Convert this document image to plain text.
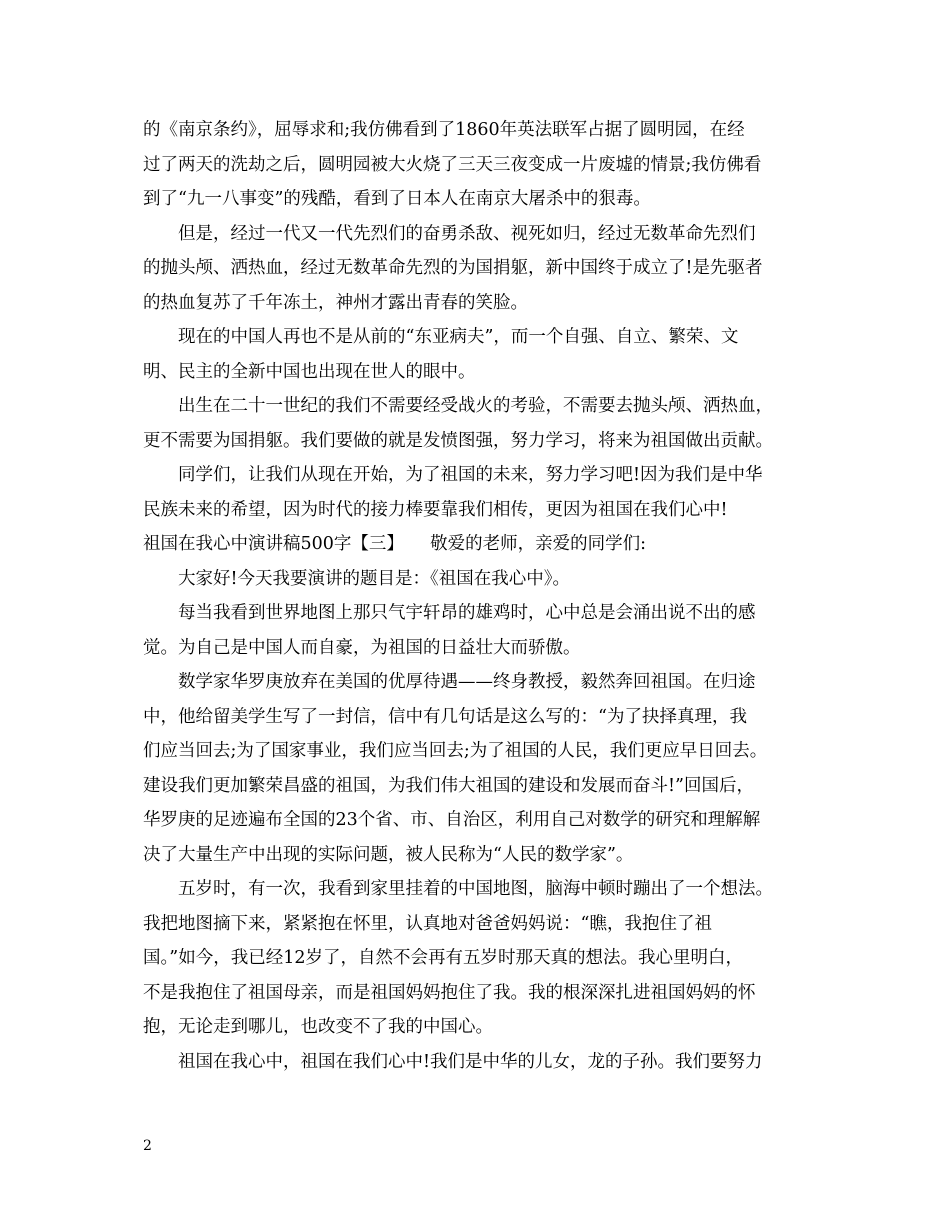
的《南京条约》，屈辱求和;我仿佛看到了1860年英法联军占据了圆明园，在经
过了两天的洗劫之后，圆明园被大火烧了三天三夜变成一片废墟的情景;我仿佛看
到了“九一八事变”的残酷，看到了日本人在南京大屠杀中的狠毒。
但是，经过一代又一代先烈们的奋勇杀敌、视死如归，经过无数革命先烈们
的抛头颅、洒热血，经过无数革命先烈的为国捐躯，新中国终于成立了!是先驱者
的热血复苏了千年冻土，神州才露出青春的笑脸。
现在的中国人再也不是从前的“东亚病夫”，而一个自强、自立、繁荣、文
明、民主的全新中国也出现在世人的眼中。
出生在二十一世纪的我们不需要经受战火的考验，不需要去抛头颅、洒热血，
更不需要为国捐躯。我们要做的就是发愤图强，努力学习，将来为祖国做出贡献。
同学们，让我们从现在开始，为了祖国的未来，努力学习吧!因为我们是中华
民族未来的希望，因为时代的接力棒要靠我们相传，更因为祖国在我们心中!
祖国在我心中演讲稿500字【三】　　敬爱的老师，亲爱的同学们:
大家好!今天我要演讲的题目是：《祖国在我心中》。
每当我看到世界地图上那只气宇轩昂的雄鸡时，心中总是会涌出说不出的感
觉。为自己是中国人而自豪，为祖国的日益壮大而骄傲。
数学家华罗庚放弃在美国的优厚待遇——终身教授，毅然奔回祖国。在归途
中，他给留美学生写了一封信，信中有几句话是这么写的：“为了抉择真理，我
们应当回去;为了国家事业，我们应当回去;为了祖国的人民，我们更应早日回去。
建设我们更加繁荣昌盛的祖国，为我们伟大祖国的建设和发展而奋斗!”回国后，
华罗庚的足迹遍布全国的23个省、市、自治区，利用自己对数学的研究和理解解
决了大量生产中出现的实际问题，被人民称为“人民的数学家”。
五岁时，有一次，我看到家里挂着的中国地图，脑海中顿时蹦出了一个想法。
我把地图摘下来，紧紧抱在怀里，认真地对爸爸妈妈说：“瞧，我抱住了祖
国。”如今，我已经12岁了，自然不会再有五岁时那天真的想法。我心里明白，
不是我抱住了祖国母亲，而是祖国妈妈抱住了我。我的根深深扎进祖国妈妈的怀
抱，无论走到哪儿，也改变不了我的中国心。
祖国在我心中，祖国在我们心中!我们是中华的儿女，龙的子孙。我们要努力
2
